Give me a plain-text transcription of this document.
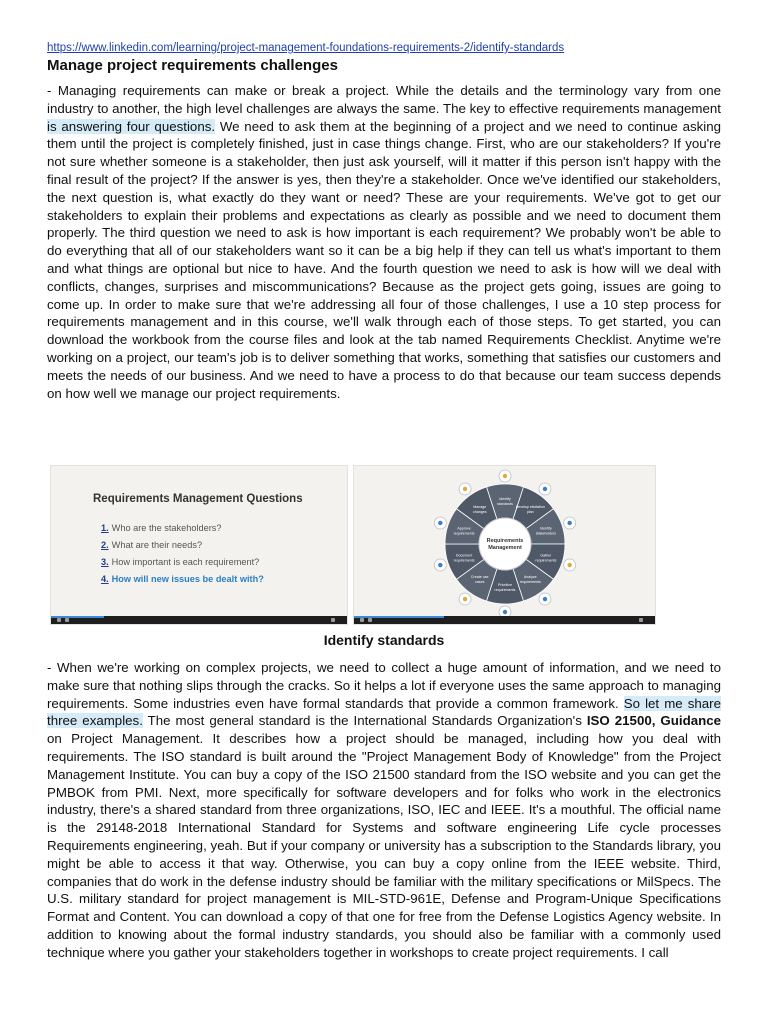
https://www.linkedin.com/learning/project-management-foundations-requirements-2/identify-standards
Manage project requirements challenges

- Managing requirements can make or break a project. While the details and the terminology vary from one industry to another, the high level challenges are always the same. The key to effective requirements management is answering four questions. We need to ask them at the beginning of a project and we need to continue asking them until the project is completely finished, just in case things change. First, who are our stakeholders? If you're not sure whether someone is a stakeholder, then just ask yourself, will it matter if this person isn't happy with the final result of the project? If the answer is yes, then they're a stakeholder. Once we've identified our stakeholders, the next question is, what exactly do they want or need? These are your requirements. We've got to get our stakeholders to explain their problems and expectations as clearly as possible and we need to document them properly. The third question we need to ask is how important is each requirement? We probably won't be able to do everything that all of our stakeholders want so it can be a big help if they can tell us what's important to them and what things are optional but nice to have. And the fourth question we need to ask is how will we deal with conflicts, changes, surprises and miscommunications? Because as the project gets going, issues are going to come up. In order to make sure that we're addressing all four of those challenges, I use a 10 step process for requirements management and in this course, we'll walk through each of those steps. To get started, you can download the workbook from the course files and look at the tab named Requirements Checklist. Anytime we're working on a project, our team's job is to deliver something that works, something that satisfies our customers and meets the needs of our business. And we need to have a process to do that because our team success depends on how well we manage our project requirements.

Requirements Management Questions
1. Who are the stakeholders?
2. What are their needs?
3. How important is each requirement?
4. How will new issues be dealt with?
Identify
standards
Develop elicitation
plan
Identify
stakeholders
Gather
requirements
Analyze
requirements
Prioritize
requirements
Create use
cases
Document
requirements
Approve
requirements
Manage
changes
Requirements
Management
Identify standards

- When we're working on complex projects, we need to collect a huge amount of information, and we need to make sure that nothing slips through the cracks. So it helps a lot if everyone uses the same approach to managing requirements. Some industries even have formal standards that provide a common framework. So let me share three examples. The most general standard is the International Standards Organization's ISO 21500, Guidance on Project Management. It describes how a project should be managed, including how you deal with requirements. The ISO standard is built around the "Project Management Body of Knowledge" from the Project Management Institute. You can buy a copy of the ISO 21500 standard from the ISO website and you can get the PMBOK from PMI. Next, more specifically for software developers and for folks who work in the electronics industry, there's a shared standard from three organizations, ISO, IEC and IEEE. It's a mouthful. The official name is the 29148-2018 International Standard for Systems and software engineering Life cycle processes Requirements engineering, yeah. But if your company or university has a subscription to the Standards library, you might be able to access it that way. Otherwise, you can buy a copy online from the IEEE website. Third, companies that do work in the defense industry should be familiar with the military specifications or MilSpecs. The U.S. military standard for project management is MIL-STD-961E, Defense and Program-Unique Specifications Format and Content. You can download a copy of that one for free from the Defense Logistics Agency website. In addition to knowing about the formal industry standards, you should also be familiar with a commonly used technique where you gather your stakeholders together in workshops to create project requirements. I call
